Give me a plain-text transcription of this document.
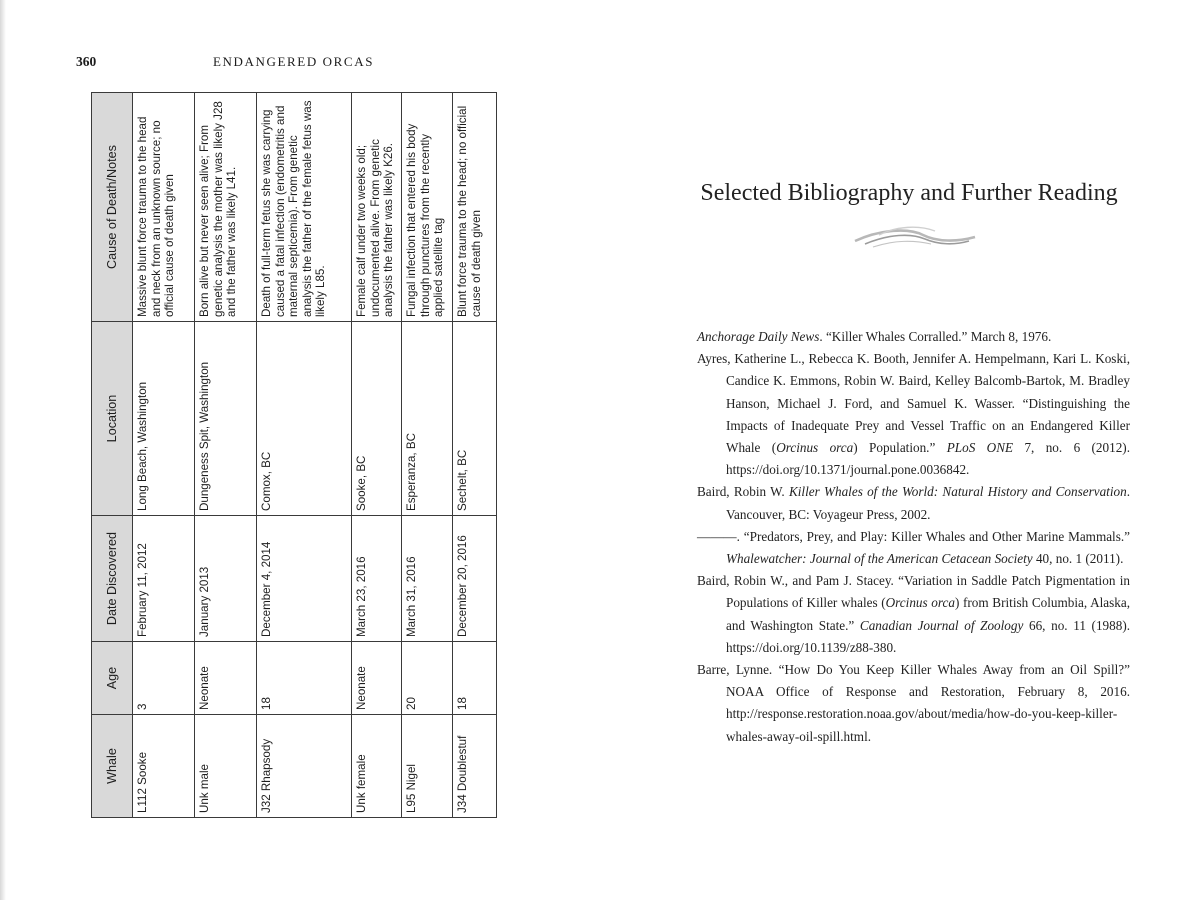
360	ENDANGERED ORCAS
Whale	Age	Date Discovered	Location	Cause of Death/Notes
L112 Sooke	3	February 11, 2012	Long Beach, Washington	Massive blunt force trauma to the head and neck from an unknown source; no official cause of death given
Unk male	Neonate	January 2013	Dungeness Spit, Washington	Born alive but never seen alive; From genetic analysis the mother was likely J28 and the father was likely L41.
J32 Rhapsody	18	December 4, 2014	Comox, BC	Death of full-term fetus she was carrying caused a fatal infection (endometritis and maternal septicemia). From genetic analysis the father of the female fetus was likely L85.
Unk female	Neonate	March 23, 2016	Sooke, BC	Female calf under two weeks old; undocumented alive. From genetic analysis the father was likely K26.
L95 Nigel	20	March 31, 2016	Esperanza, BC	Fungal infection that entered his body through punctures from the recently applied satellite tag
J34 Doublestuf	18	December 20, 2016	Sechelt, BC	Blunt force trauma to the head; no official cause of death given
Selected Bibliography and Further Reading
Anchorage Daily News. “Killer Whales Corralled.” March 8, 1976.
Ayres, Katherine L., Rebecca K. Booth, Jennifer A. Hempelmann, Kari L. Koski, Candice K. Emmons, Robin W. Baird, Kelley Balcomb-Bartok, M. Bradley Hanson, Michael J. Ford, and Samuel K. Wasser. “Distinguishing the Impacts of Inadequate Prey and Vessel Traffic on an Endangered Killer Whale (Orcinus orca) Population.” PLoS ONE 7, no. 6 (2012). https://doi.org/10.1371/journal.pone.0036842.
Baird, Robin W. Killer Whales of the World: Natural History and Conservation. Vancouver, BC: Voyageur Press, 2002.
———. “Predators, Prey, and Play: Killer Whales and Other Marine Mammals.” Whalewatcher: Journal of the American Cetacean Society 40, no. 1 (2011).
Baird, Robin W., and Pam J. Stacey. “Variation in Saddle Patch Pigmentation in Populations of Killer whales (Orcinus orca) from British Columbia, Alaska, and Washington State.” Canadian Journal of Zoology 66, no. 11 (1988). https://doi.org/10.1139/z88-380.
Barre, Lynne. “How Do You Keep Killer Whales Away from an Oil Spill?” NOAA Office of Response and Restoration, February 8, 2016. http://response.restoration.noaa.gov/about/media/how-do-you-keep-killer-whales-away-oil-spill.html.
